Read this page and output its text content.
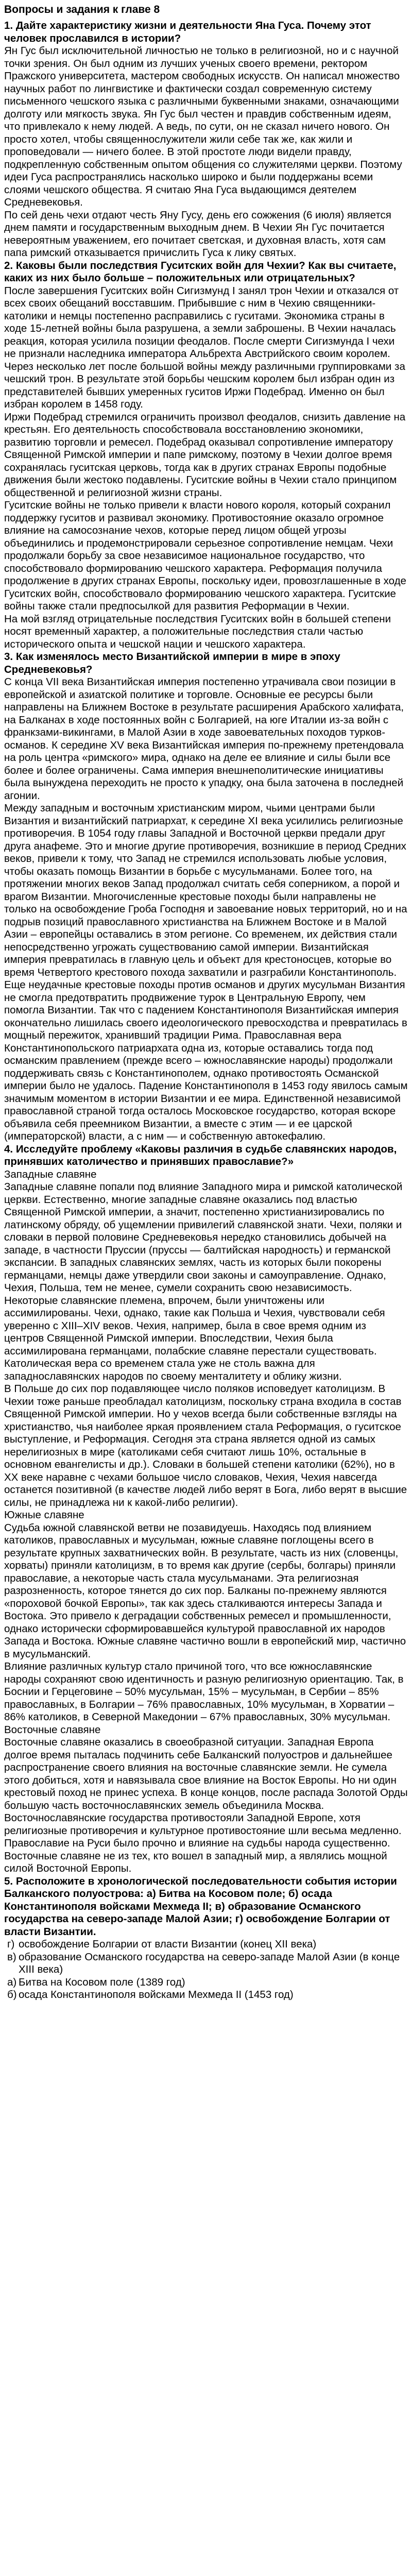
Вопросы и задания к главе 8

1. Дайте характеристику жизни и деятельности Яна Гуса. Почему этот человек прославился в истории?

Ян Гус был исключительной личностью не только в религиозной, но и с научной точки зрения. Он был одним из лучших ученых своего времени, ректором Пражского университета, мастером свободных искусств. Он написал множество научных работ по лингвистике и фактически создал современную систему письменного чешского языка с различными буквенными знаками, означающими долготу или мягкость звука. Ян Гус был честен и правдив собственным идеям, что привлекало к нему людей. А ведь, по сути, он не сказал ничего нового. Он просто хотел, чтобы священнослужители жили себе так же, как жили и проповедовали — ничего более. В этой простоте люди видели правду, подкрепленную собственным опытом общения со служителями церкви. Поэтому идеи Гуса распространялись насколько широко и были поддержаны всеми слоями чешского общества. Я считаю Яна Гуса выдающимся деятелем Средневековья.

По сей день чехи отдают честь Яну Гусу, день его сожжения (6 июля) является днем памяти и государственным выходным днем. В Чехии Ян Гус почитается невероятным уважением, его почитает светская, и духовная власть, хотя сам папа римский отказывается причислить Гуса к лику святых.

2. Каковы были последствия Гуситских войн для Чехии? Как вы считаете, каких из них было больше – положительных или отрицательных?

После завершения Гуситских войн Сигизмунд I занял трон Чехии и отказался от всех своих обещаний восставшим. Прибывшие с ним в Чехию священники-католики и немцы постепенно расправились с гуситами. Экономика страны в ходе 15-летней войны была разрушена, а земли заброшены. В Чехии началась реакция, которая усилила позиции феодалов. После смерти Сигизмунда I чехи не признали наследника императора Альбрехта Австрийского своим королем. Через несколько лет после большой войны между различными группировками за чешский трон. В результате этой борьбы чешским королем был избран один из представителей бывших умеренных гуситов Иржи Подебрад. Именно он был избран королем в 1458 году.

Иржи Подебрад стремился ограничить произвол феодалов, снизить давление на крестьян. Его деятельность способствовала восстановлению экономики, развитию торговли и ремесел. Подебрад оказывал сопротивление императору Священной Римской империи и папе римскому, поэтому в Чехии долгое время сохранялась гуситская церковь, тогда как в других странах Европы подобные движения были жестоко подавлены. Гуситские войны в Чехии стало принципом общественной и религиозной жизни страны.

Гуситские войны не только привели к власти нового короля, который сохранил поддержку гуситов и развивал экономику. Противостояние оказало огромное влияние на самосознание чехов, которые перед лицом общей угрозы объединились и продемонстрировали серьезное сопротивление немцам. Чехи продолжали борьбу за свое независимое национальное государство, что способствовало формированию чешского характера. Реформация получила продолжение в других странах Европы, поскольку идеи, провозглашенные в ходе Гуситских войн, способствовало формированию чешского характера. Гуситские войны также стали предпосылкой для развития Реформации в Чехии.

На мой взгляд отрицательные последствия Гуситских войн в большей степени носят временный характер, а положительные последствия стали частью исторического опыта и чешской нации и чешского характера.

3. Как изменялось место Византийской империи в мире в эпоху Средневековья?

С конца VII века Византийская империя постепенно утрачивала свои позиции в европейской и азиатской политике и торговле. Основные ее ресурсы были направлены на Ближнем Востоке в результате расширения Арабского халифата, на Балканах в ходе постоянных войн с Болгарией, на юге Италии из-за войн с франкзами-викингами, в Малой Азии в ходе завоевательных походов турков-османов. К середине XV века Византийская империя по-прежнему претендовала на роль центра «римского» мира, однако на деле ее влияние и силы были все более и более ограничены. Сама империя внешнеполитические инициативы была вынуждена переходить не просто к упадку, она была заточена в последней агонии.

Между западным и восточным христианским миром, чьими центрами были Византия и византийский патриархат, к середине XI века усилились религиозные противоречия. В 1054 году главы Западной и Восточной церкви предали друг друга анафеме. Это и многие другие противоречия, возникшие в период Средних веков, привели к тому, что Запад не стремился использовать любые условия, чтобы оказать помощь Византии в борьбе с мусульманами. Более того, на протяжении многих веков Запад продолжал считать себя соперником, а порой и врагом Византии. Многочисленные крестовые походы были направлены не только на освобождение Гроба Господня и завоевание новых территорий, но и на подрыв позиций православного христианства на Ближнем Востоке и в Малой Азии – европейцы оставались в этом регионе. Со временем, их действия стали непосредственно угрожать существованию самой империи. Византийская империя превратилась в главную цель и объект для крестоносцев, которые во время Четвертого крестового похода захватили и разграбили Константинополь. Еще неудачные крестовые походы против османов и других мусульман Византия не смогла предотвратить продвижение турок в Центральную Европу, чем помогла Византии. Так что с падением Константинополя Византийская империя окончательно лишилась своего идеологического превосходства и превратилась в мощный пережиток, хранивший традиции Рима. Православная вера Константинопольского патриархата одна из, которые оставались тогда под османским правлением (прежде всего – южнославянские народы) продолжали поддерживать связь с Константинополем, однако противостоять Османской империи было не удалось. Падение Константинополя в 1453 году явилось самым значимым моментом в истории Византии и ее мира. Единственной независимой православной страной тогда осталось Московское государство, которая вскоре объявила себя преемником Византии, а вместе с этим — и ее царской (императорской) власти, а с ним — и собственную автокефалию.

4. Исследуйте проблему «Каковы различия в судьбе славянских народов, принявших католичество и принявших православие?»

Западные славяне

Западные славяне попали под влияние Западного мира и римской католической церкви. Естественно, многие западные славяне оказались под властью Священной Римской империи, а значит, постепенно христианизировались по латинскому обряду, об ущемлении привилегий славянской знати. Чехи, поляки и словаки в первой половине Средневековья нередко становились добычей на западе, в частности Пруссии (пруссы — балтийская народность) и германской экспансии. В западных славянских землях, часть из которых были покорены германцами, немцы даже утвердили свои законы и самоуправление. Однако, Чехия, Польша, тем не менее, сумели сохранить свою независимость. Некоторые славянские племена, впрочем, были уничтожены или ассимилированы. Чехи, однако, такие как Польша и Чехия, чувствовали себя уверенно с XIII–XIV веков. Чехия, например, была в свое время одним из центров Священной Римской империи. Впоследствии, Чехия была ассимилирована германцами, полабские славяне перестали существовать. Католическая вера со временем стала уже не столь важна для западнославянских народов по своему менталитету и облику жизни.

В Польше до сих пор подавляющее число поляков исповедует католицизм. В Чехии тоже раньше преобладал католицизм, поскольку страна входила в состав Священной Римской империи. Но у чехов всегда были собственные взгляды на христианство, чья наиболее яркая проявлением стала Реформация, о гуситское выступление, и Реформация. Сегодня эта страна является одной из самых нерелигиозных в мире (католиками себя считают лишь 10%, остальные в основном евангелисты и др.). Словаки в большей степени католики (62%), но в XX веке наравне с чехами большое число словаков, Чехия, Чехия навсегда останется позитивной (в качестве людей либо верят в Бога, либо верят в высшие силы, не принадлежа ни к какой-либо религии).

Южные славяне

Судьба южной славянской ветви не позавидуешь. Находясь под влиянием католиков, православных и мусульман, южные славяне поглощены всего в результате крупных захватнических войн. В результате, часть из них (словенцы, хорваты) приняли католицизм, в то время как другие (сербы, болгары) приняли православие, а некоторые часть стала мусульманами. Эта религиозная разрозненность, которое тянется до сих пор. Балканы по-прежнему являются «пороховой бочкой Европы», так как здесь сталкиваются интересы Запада и Востока. Это привело к деградации собственных ремесел и промышленности, однако исторически сформировавшейся культурой православной их народов Запада и Востока. Южные славяне частично вошли в европейский мир, частично в мусульманский.

Влияние различных культур стало причиной того, что все южнославянские народы сохраняют свою идентичность и разную религиозную ориентацию. Так, в Боснии и Герцеговине – 50% мусульман, 15% – мусульман, в Сербии – 85% православных, в Болгарии – 76% православных, 10% мусульман, в Хорватии – 86% католиков, в Северной Македонии – 67% православных, 30% мусульман.

Восточные славяне

Восточные славяне оказались в своеобразной ситуации. Западная Европа долгое время пыталась подчинить себе Балканский полуостров и дальнейшее распространение своего влияния на восточные славянские земли. Не сумела этого добиться, хотя и навязывала свое влияние на Восток Европы. Но ни один крестовый поход не принес успеха. В конце концов, после распада Золотой Орды большую часть восточнославянских земель объединила Москва. Восточнославянские государства противостояли Западной Европе, хотя религиозные противоречия и культурное противостояние шли весьма медленно. Православие на Руси было прочно и влияние на судьбы народа существенно. Восточные славяне не из тех, кто вошел в западный мир, а являлись мощной силой Восточной Европы.

5. Расположите в хронологической последовательности события истории Балканского полуострова: а) Битва на Косовом поле; б) осада Константинополя войсками Мехмеда II; в) образование Османского государства на северо-западе Малой Азии; г) освобождение Болгарии от власти Византии.

г) освобождение Болгарии от власти Византии (конец XII века)
в) образование Османского государства на северо-западе Малой Азии (в конце XIII века)
а) Битва на Косовом поле (1389 год)
б) осада Константинополя войсками Мехмеда II (1453 год)
